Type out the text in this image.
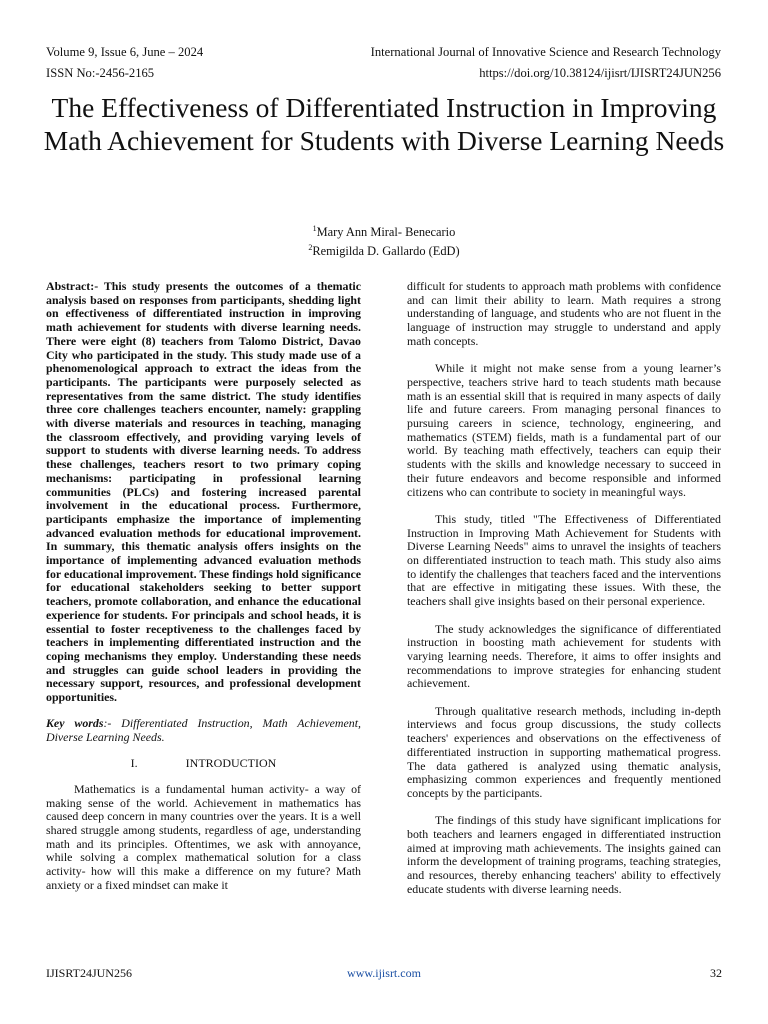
Volume 9, Issue 6, June – 2024
ISSN No:-2456-2165
International Journal of Innovative Science and Research Technology
https://doi.org/10.38124/ijisrt/IJISRT24JUN256
The Effectiveness of Differentiated Instruction in Improving Math Achievement for Students with Diverse Learning Needs
$^1$Mary Ann Miral- Benecario
$^2$Remigilda D. Gallardo (EdD)

Abstract:- This study presents the outcomes of a thematic analysis based on responses from participants, shedding light on effectiveness of differentiated instruction in improving math achievement for students with diverse learning needs. There were eight (8) teachers from Talomo District, Davao City who participated in the study. This study made use of a phenomenological approach to extract the ideas from the participants. The participants were purposely selected as representatives from the same district. The study identifies three core challenges teachers encounter, namely: grappling with diverse materials and resources in teaching, managing the classroom effectively, and providing varying levels of support to students with diverse learning needs. To address these challenges, teachers resort to two primary coping mechanisms: participating in professional learning communities (PLCs) and fostering increased parental involvement in the educational process. Furthermore, participants emphasize the importance of implementing advanced evaluation methods for educational improvement. In summary, this thematic analysis offers insights on the importance of implementing advanced evaluation methods for educational improvement. These findings hold significance for educational stakeholders seeking to better support teachers, promote collaboration, and enhance the educational experience for students. For principals and school heads, it is essential to foster receptiveness to the challenges faced by teachers in implementing differentiated instruction and the coping mechanisms they employ. Understanding these needs and struggles can guide school leaders in providing the necessary support, resources, and professional development opportunities.

Key words:- Differentiated Instruction, Math Achievement, Diverse Learning Needs.

I.	INTRODUCTION

Mathematics is a fundamental human activity- a way of making sense of the world. Achievement in mathematics has caused deep concern in many countries over the years. It is a well shared struggle among students, regardless of age, understanding math and its principles. Oftentimes, we ask with annoyance, while solving a complex mathematical solution for a class activity- how will this make a difference on my future? Math anxiety or a fixed mindset can make it

difficult for students to approach math problems with confidence and can limit their ability to learn. Math requires a strong understanding of language, and students who are not fluent in the language of instruction may struggle to understand and apply math concepts.

While it might not make sense from a young learner’s perspective, teachers strive hard to teach students math because math is an essential skill that is required in many aspects of daily life and future careers. From managing personal finances to pursuing careers in science, technology, engineering, and mathematics (STEM) fields, math is a fundamental part of our world. By teaching math effectively, teachers can equip their students with the skills and knowledge necessary to succeed in their future endeavors and become responsible and informed citizens who can contribute to society in meaningful ways.

This study, titled "The Effectiveness of Differentiated Instruction in Improving Math Achievement for Students with Diverse Learning Needs" aims to unravel the insights of teachers on differentiated instruction to teach math. This study also aims to identify the challenges that teachers faced and the interventions that are effective in mitigating these issues. With these, the teachers shall give insights based on their personal experience.

The study acknowledges the significance of differentiated instruction in boosting math achievement for students with varying learning needs. Therefore, it aims to offer insights and recommendations to improve strategies for enhancing student achievement.

Through qualitative research methods, including in-depth interviews and focus group discussions, the study collects teachers' experiences and observations on the effectiveness of differentiated instruction in supporting mathematical progress. The data gathered is analyzed using thematic analysis, emphasizing common experiences and frequently mentioned concepts by the participants.

The findings of this study have significant implications for both teachers and learners engaged in differentiated instruction aimed at improving math achievements. The insights gained can inform the development of training programs, teaching strategies, and resources, thereby enhancing teachers' ability to effectively educate students with diverse learning needs.

IJISRT24JUN256	www.ijisrt.com	32
